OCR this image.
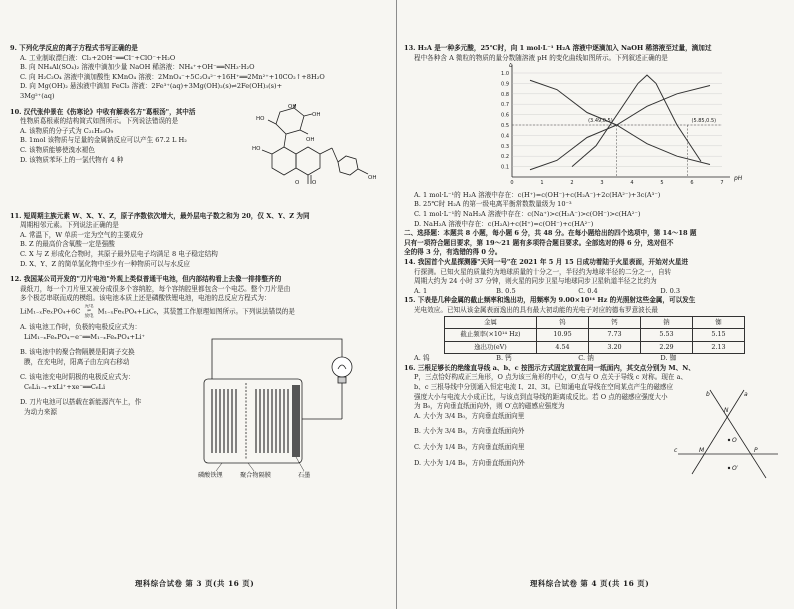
9. 下列化学反应的离子方程式书写正确的是

A. 工业制取漂白液：Cl₂+2OH⁻══Cl⁻+ClO⁻+H₂O

B. 向 NH₄Al(SO₄)₂ 溶液中滴加少量 NaOH 稀溶液：NH₄⁺+OH⁻══NH₃·H₂O

C. 向 H₂C₂O₄ 溶液中滴加酸性 KMnO₄ 溶液：2MnO₄⁻+5C₂O₄²⁻+16H⁺══2Mn²⁺+10CO₂↑+8H₂O

D. 向 Mg(OH)₂ 悬浊液中滴加 FeCl₃ 溶液：2Fe³⁺(aq)+3Mg(OH)₂(s)⇌2Fe(OH)₃(s)+

3Mg²⁺(aq)

10. 汉代张仲景在《伤寒论》中收有解表名方"葛根汤"，其中活

性物质葛根素的结构简式如图所示。下列说法错误的是

A. 该物质的分子式为 C₂₁H₂₀O₉

B. 1mol 该物质与足量的金属钠反应可以产生 67.2 L H₂

C. 该物质能够使溴水褪色

D. 该物质苯环上的一氯代物有 4 种

OH
OH
OH
HO
HO
O O
OH

11. 短周期主族元素 W、X、Y、Z，原子序数依次增大，最外层电子数之和为 20，仅 X、Y、Z 为同

周期相邻元素。下列说法正确的是

A. 常温下，W 单质一定为空气的主要成分

B. Z 的最高价含氧酸一定是强酸

C. X 与 Z 形成化合物时，其原子最外层电子均满足 8 电子稳定结构

D. X、Y、Z 的简单氢化物中至少有一种物质可以与水反应

12. 我国某公司开发的"刀片电池"外观上类似普通干电池，但内部结构看上去像一排排整齐的

裁纸刀，每一个刀片里又被分成很多个容纳腔，每个容纳腔里都包含一个电芯。整个刀片是由

多个极芯串联而成的模组。该电池本质上还是磷酸铁锂电池，电池的总反应方程式为：

LiM₁₋ₓFeₓPO₄+6C
充电
⇌
放电
M₁₋ₓFeₓPO₄+LiC₆，其装置工作原理如图所示。下列说法错误的是

A. 该电池工作时，负极的电极反应式为：

LiM₁₋ₓFeₓPO₄−e⁻══M₁₋ₓFeₓPO₄+Li⁺

B. 该电池中的聚合物隔膜是阳离子交换

膜，在充电时，阳离子由左向右移动

C. 该电池充电时阴极的电极反应式为：

C₆Li₁₋ₓ+xLi⁺+xe⁻══C₆Li

D. 刀片电池可以搭载在新能源汽车上，作

为动力来源

磷酸铁锂	聚合物隔膜	石墨

理科综合试卷 第 3 页(共 16 页)

13. H₂A 是一种多元酸，25℃时，向 1 mol·L⁻¹ H₂A 溶液中逐滴加入 NaOH 稀溶液至过量，滴加过

程中各种含 A 微粒的物质的量分数随溶液 pH 的变化曲线如图所示。下列叙述正确的是

0.1
0.2
0.3
0.4
0.5
0.6
0.7
0.8
0.9
1.0
0	1	2	3	4	5	6	7
pH
δ
(3.49,0.5)	(5.85,0.5)

A. 1 mol·L⁻¹的 H₂A 溶液中存在：c(H⁺)=c(OH⁻)+c(H₂A⁻)+2c(HA²⁻)+3c(A³⁻)

B. 25℃时 H₂A 的第一级电离平衡常数数量级为 10⁻³

C. 1 mol·L⁻¹的 NaH₂A 溶液中存在：c(Na⁺)>c(H₂A⁻)>c(OH⁻)>c(HA²⁻)

D. NaH₂A 溶液中存在：c(H₂A)+c(H⁺)=c(OH⁻)+c(HA²⁻)

二、选择题：本题共 8 小题，每小题 6 分，共 48 分。在每小题给出的四个选项中，第 14～18 题

只有一项符合题目要求，第 19～21 题有多项符合题目要求。全部选对的得 6 分，选对但不

全的得 3 分，有选错的得 0 分。

14. 我国首个火星探测器"天问一号"在 2021 年 5 月 15 日成功着陆于火星表面，开始对火星进

行探测。已知火星的质量约为地球质量的十分之一，半径约为地球半径的二分之一，自转

周期大约为 24 小时 37 分钟，则火星的同步卫星与地球同步卫星轨道半径之比约为

A. 1	B. 0.5	C. 0.4	D. 0.3

15. 下表是几种金属的截止频率和逸出功，用频率为 9.00×10¹⁴ Hz 的光照射这些金属，可以发生

光电效应。已知从该金属表面逸出的具有最大初动能的光电子对应的德布罗意波长最

金属	钨	钙	钠	铷
截止频率(×10¹⁴ Hz)	10.95	7.73	5.53	5.15
逸出功(eV)	4.54	3.20	2.29	2.13

A. 钨	B. 钙	C. 钠	D. 铷

16. 三根足够长的绝缘直导线 a、b、c 按图示方式固定放置在同一纸面内，其交点分别为 M、N、

P，三点恰好构成正三角形，O 点为该三角形的中心，O′点与 O 点关于导线 c 对称。现在 a、

b、c 三根导线中分别通入恒定电流 I、2I、3I。已知通电直导线在空间某点产生的磁感应

强度大小与电流大小成正比，与该点到直导线的距离成反比。若 O 点的磁感应强度大小

为 B₀，方向垂直纸面向外，则 O′点的磁感应强度为

A. 大小为 3/4 B₀，方向垂直纸面向里

B. 大小为 3/4 B₀，方向垂直纸面向外

C. 大小为 1/4 B₀，方向垂直纸面向里

D. 大小为 1/4 B₀，方向垂直纸面向外

a
b
c	M
N
P
O
O′

理科综合试卷 第 4 页(共 16 页)
